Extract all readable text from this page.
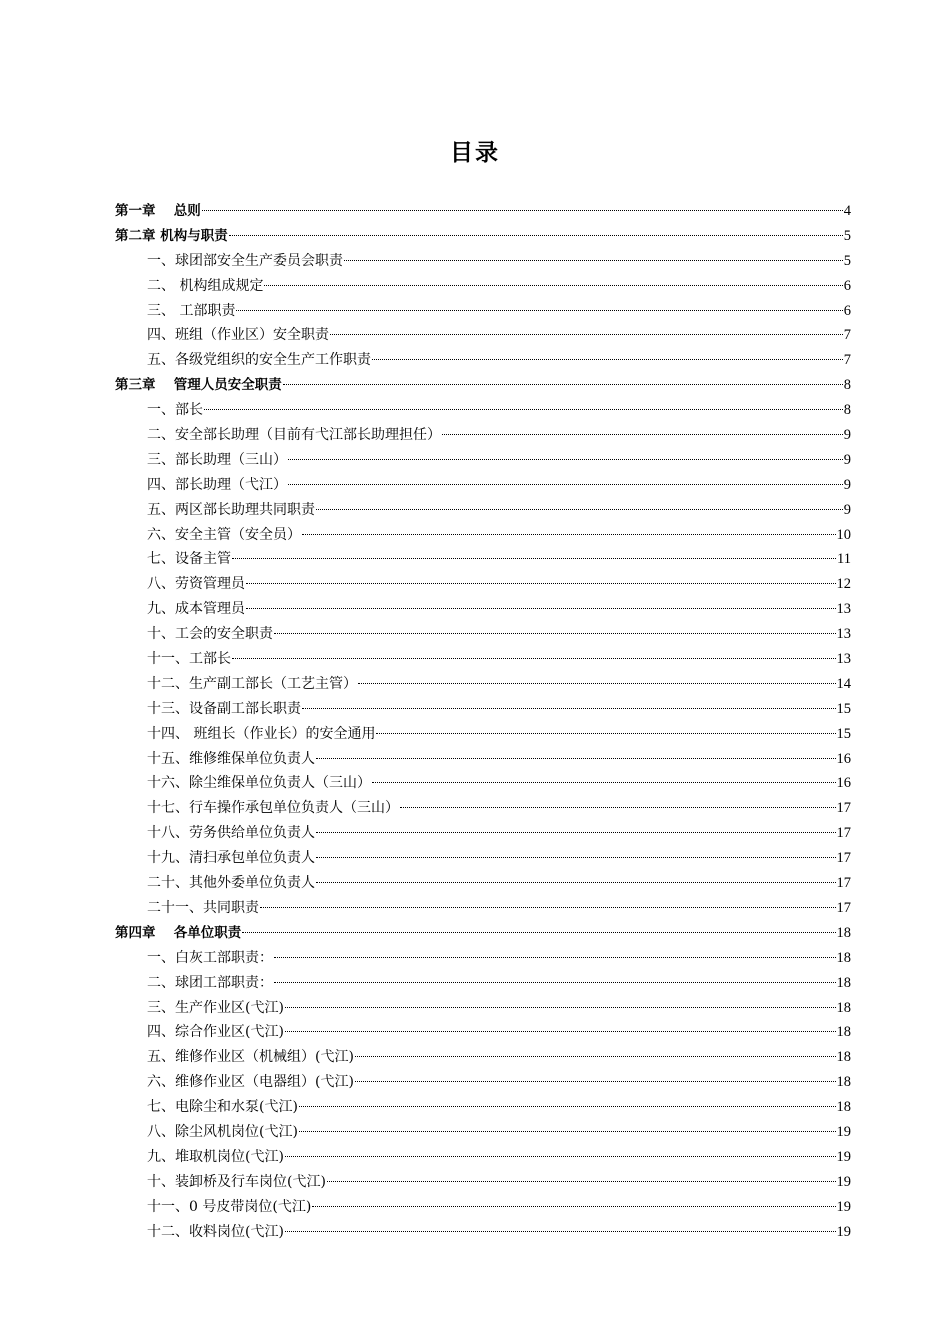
目录
第一章　 总则	4
第二章 机构与职责	5
一、球团部安全生产委员会职责	5
二、 机构组成规定	6
三、 工部职责	6
四、班组（作业区）安全职责	7
五、各级党组织的安全生产工作职责	7
第三章　 管理人员安全职责	8
一、部长	8
二、安全部长助理（目前有弋江部长助理担任）	9
三、部长助理（三山）	9
四、部长助理（弋江）	9
五、两区部长助理共同职责	9
六、安全主管（安全员）	10
七、设备主管	11
八、劳资管理员	12
九、成本管理员	13
十、工会的安全职责	13
十一、工部长	13
十二、生产副工部长（工艺主管）	14
十三、设备副工部长职责	15
十四、 班组长（作业长）的安全通用	15
十五、维修维保单位负责人	16
十六、除尘维保单位负责人（三山）	16
十七、行车操作承包单位负责人（三山）	17
十八、劳务供给单位负责人	17
十九、清扫承包单位负责人	17
二十、其他外委单位负责人	17
二十一、共同职责	17
第四章　 各单位职责	18
一、白灰工部职责：	18
二、球团工部职责：	18
三、生产作业区(弋江)	18
四、综合作业区(弋江)	18
五、维修作业区（机械组）(弋江)	18
六、维修作业区（电器组）(弋江)	18
七、电除尘和水泵(弋江)	18
八、除尘风机岗位(弋江)	19
九、堆取机岗位(弋江)	19
十、装卸桥及行车岗位(弋江)	19
十一、0 号皮带岗位(弋江)	19
十二、收料岗位(弋江)	19
